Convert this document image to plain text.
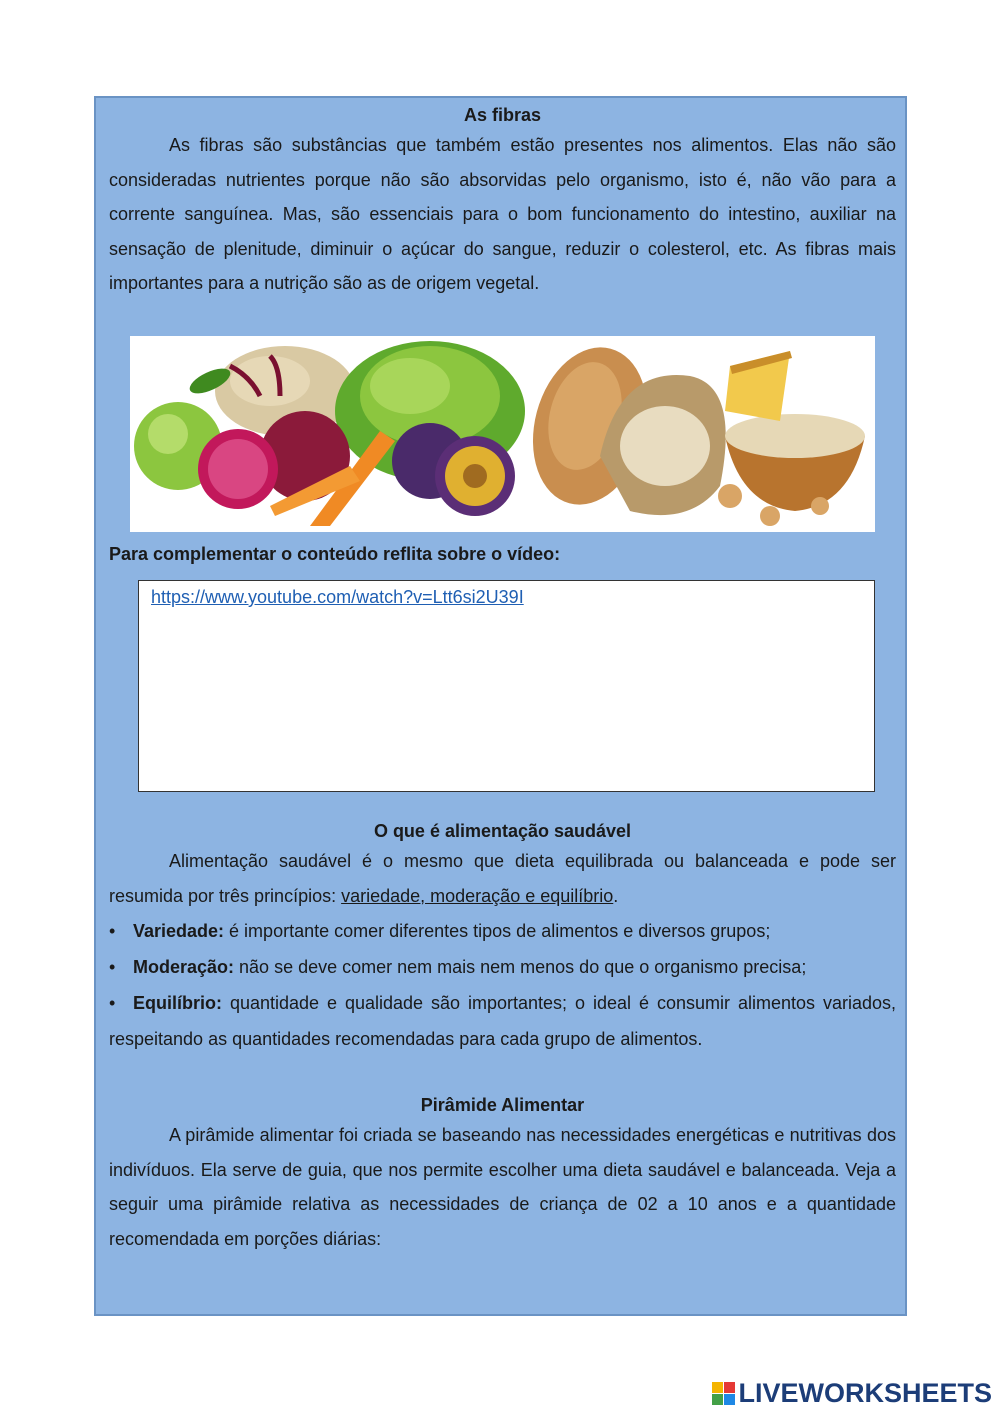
As fibras

As fibras são substâncias que também estão presentes nos alimentos. Elas não são consideradas nutrientes porque não são absorvidas pelo organismo, isto é, não vão para a corrente sanguínea. Mas, são essenciais para o bom funcionamento do intestino, auxiliar na sensação de plenitude, diminuir o açúcar do sangue, reduzir o colesterol, etc. As fibras mais importantes para a nutrição são as de origem vegetal.

Para complementar o conteúdo reflita sobre o vídeo:
https://www.youtube.com/watch?v=Ltt6si2U39I
O que é alimentação saudável

Alimentação saudável é o mesmo que dieta equilibrada ou balanceada e pode ser resumida por três princípios: variedade, moderação e equilíbrio.

• Variedade: é importante comer diferentes tipos de alimentos e diversos grupos;
• Moderação: não se deve comer nem mais nem menos do que o organismo precisa;
• Equilíbrio: quantidade e qualidade são importantes; o ideal é consumir alimentos variados, respeitando as quantidades recomendadas para cada grupo de alimentos.
Pirâmide Alimentar

A pirâmide alimentar foi criada se baseando nas necessidades energéticas e nutritivas dos indivíduos. Ela serve de guia, que nos permite escolher uma dieta saudável e balanceada. Veja a seguir uma pirâmide relativa as necessidades de criança de 02 a 10 anos e a quantidade recomendada em porções diárias:

LIVEWORKSHEETS
